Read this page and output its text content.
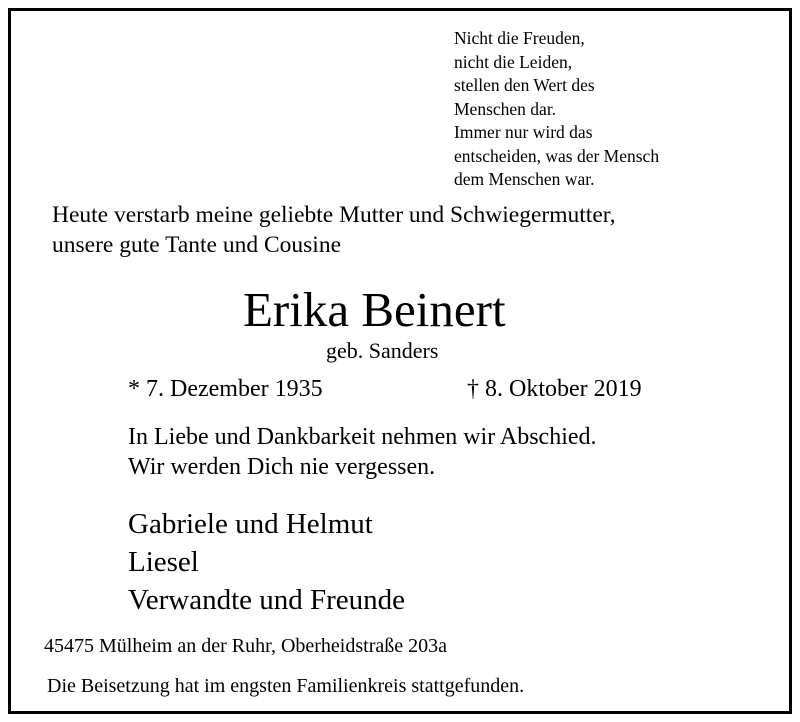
Nicht die Freuden,
nicht die Leiden,
stellen den Wert des
Menschen dar.
Immer nur wird das
entscheiden, was der Mensch
dem Menschen war.
Heute verstarb meine geliebte Mutter und Schwiegermutter,
unsere gute Tante und Cousine
Erika Beinert
geb. Sanders
* 7. Dezember 1935	† 8. Oktober 2019
In Liebe und Dankbarkeit nehmen wir Abschied.
Wir werden Dich nie vergessen.
Gabriele und Helmut
Liesel
Verwandte und Freunde
45475 Mülheim an der Ruhr, Oberheidstraße 203a
Die Beisetzung hat im engsten Familienkreis stattgefunden.
